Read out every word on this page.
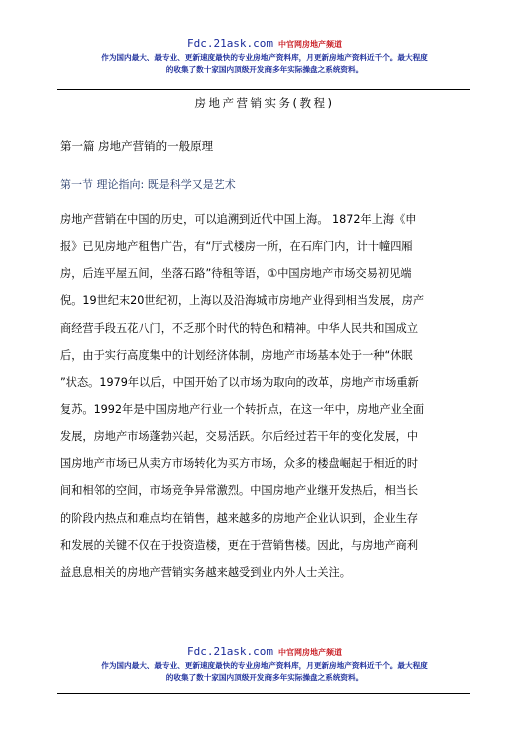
Fdc.21ask.com 中官网房地产频道
作为国内最大、最专业、更新速度最快的专业房地产资料库，月更新房地产资料近千个。最大程度
的收集了数十家国内顶级开发商多年实际操盘之系统资料。
房地产营销实务(教程)
第一篇 房地产营销的一般原理
第一节 理论指向: 既是科学又是艺术
房地产营销在中国的历史，可以追溯到近代中国上海。 1872年上海《申
报》已见房地产租售广告，有“厅式楼房一所，在石库门内，计十幢四厢
房，后连平屋五间，坐落石路”待租等语，①中国房地产市场交易初见端
倪。19世纪末20世纪初，上海以及沿海城市房地产业得到相当发展，房产
商经营手段五花八门，不乏那个时代的特色和精神。中华人民共和国成立
后，由于实行高度集中的计划经济体制，房地产市场基本处于一种“休眠
”状态。1979年以后，中国开始了以市场为取向的改革，房地产市场重新
复苏。1992年是中国房地产行业一个转折点，在这一年中，房地产业全面
发展，房地产市场蓬勃兴起，交易活跃。尔后经过若干年的变化发展，中
国房地产市场已从卖方市场转化为买方市场，众多的楼盘崛起于相近的时
间和相邻的空间，市场竞争异常激烈。中国房地产业继开发热后，相当长
的阶段内热点和难点均在销售，越来越多的房地产企业认识到，企业生存
和发展的关键不仅在于投资造楼，更在于营销售楼。因此，与房地产商利
益息息相关的房地产营销实务越来越受到业内外人士关注。
Fdc.21ask.com 中官网房地产频道
作为国内最大、最专业、更新速度最快的专业房地产资料库，月更新房地产资料近千个。最大程度
的收集了数十家国内顶级开发商多年实际操盘之系统资料。
